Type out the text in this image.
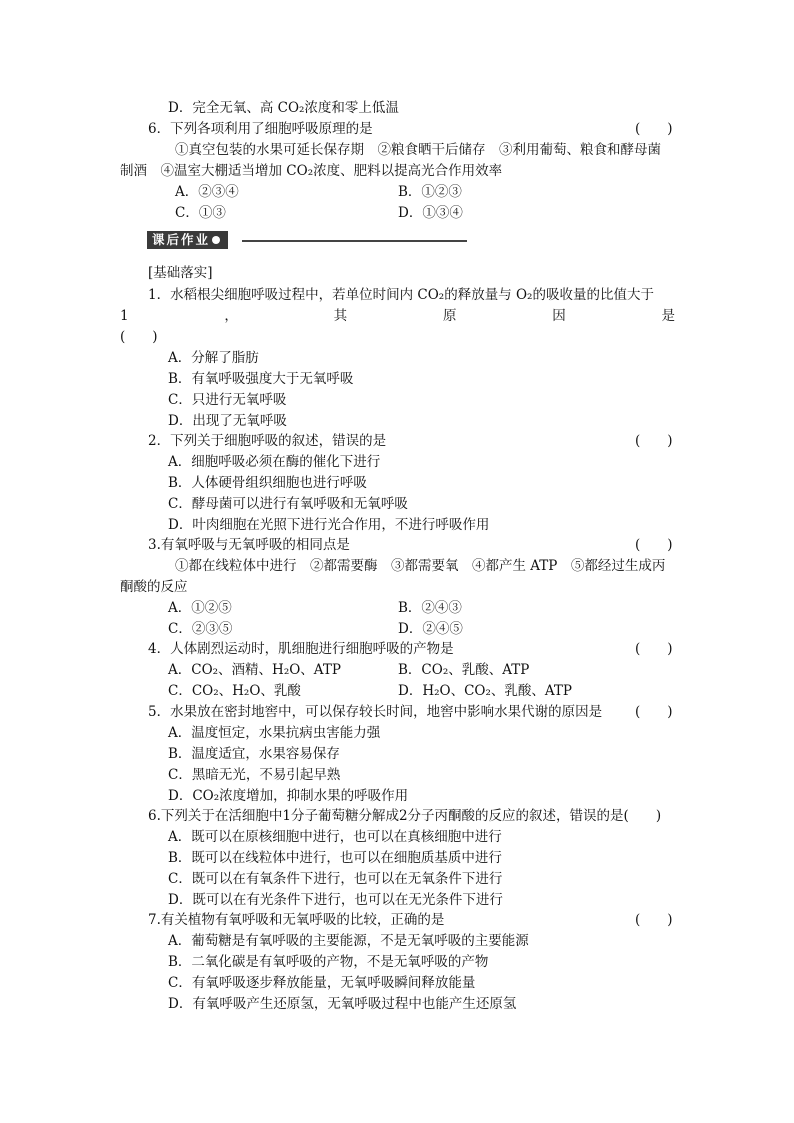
D．完全无氧、高 CO₂浓度和零上低温
6．下列各项利用了细胞呼吸原理的是	(　　)
①真空包装的水果可延长保存期　②粮食晒干后储存　③利用葡萄、粮食和酵母菌
制酒　④温室大棚适当增加 CO₂浓度、肥料以提高光合作用效率
A．②③④	B．①②③
C．①③	D．①③④
课后作业
[基础落实]
1．水稻根尖细胞呼吸过程中，若单位时间内 CO₂的释放量与 O₂的吸收量的比值大于
1	，	其	原	因	是
(　　)
A．分解了脂肪
B．有氧呼吸强度大于无氧呼吸
C．只进行无氧呼吸
D．出现了无氧呼吸
2．下列关于细胞呼吸的叙述，错误的是	(　　)
A．细胞呼吸必须在酶的催化下进行
B．人体硬骨组织细胞也进行呼吸
C．酵母菌可以进行有氧呼吸和无氧呼吸
D．叶肉细胞在光照下进行光合作用，不进行呼吸作用
3.有氧呼吸与无氧呼吸的相同点是	(　　)
①都在线粒体中进行　②都需要酶　③都需要氧　④都产生 ATP　⑤都经过生成丙
酮酸的反应
A．①②⑤	B．②④③
C．②③⑤	D．②④⑤
4．人体剧烈运动时，肌细胞进行细胞呼吸的产物是	(　　)
A．CO₂、酒精、H₂O、ATP	B．CO₂、乳酸、ATP
C．CO₂、H₂O、乳酸	D．H₂O、CO₂、乳酸、ATP
5．水果放在密封地窖中，可以保存较长时间，地窖中影响水果代谢的原因是 (　　)
A．温度恒定，水果抗病虫害能力强
B．温度适宜，水果容易保存
C．黑暗无光，不易引起早熟
D．CO₂浓度增加，抑制水果的呼吸作用
6.下列关于在活细胞中1分子葡萄糖分解成2分子丙酮酸的反应的叙述，错误的是(　　)
A．既可以在原核细胞中进行，也可以在真核细胞中进行
B．既可以在线粒体中进行，也可以在细胞质基质中进行
C．既可以在有氧条件下进行，也可以在无氧条件下进行
D．既可以在有光条件下进行，也可以在无光条件下进行
7.有关植物有氧呼吸和无氧呼吸的比较，正确的是	(　　)
A．葡萄糖是有氧呼吸的主要能源，不是无氧呼吸的主要能源
B．二氧化碳是有氧呼吸的产物，不是无氧呼吸的产物
C．有氧呼吸逐步释放能量，无氧呼吸瞬间释放能量
D．有氧呼吸产生还原氢，无氧呼吸过程中也能产生还原氢
